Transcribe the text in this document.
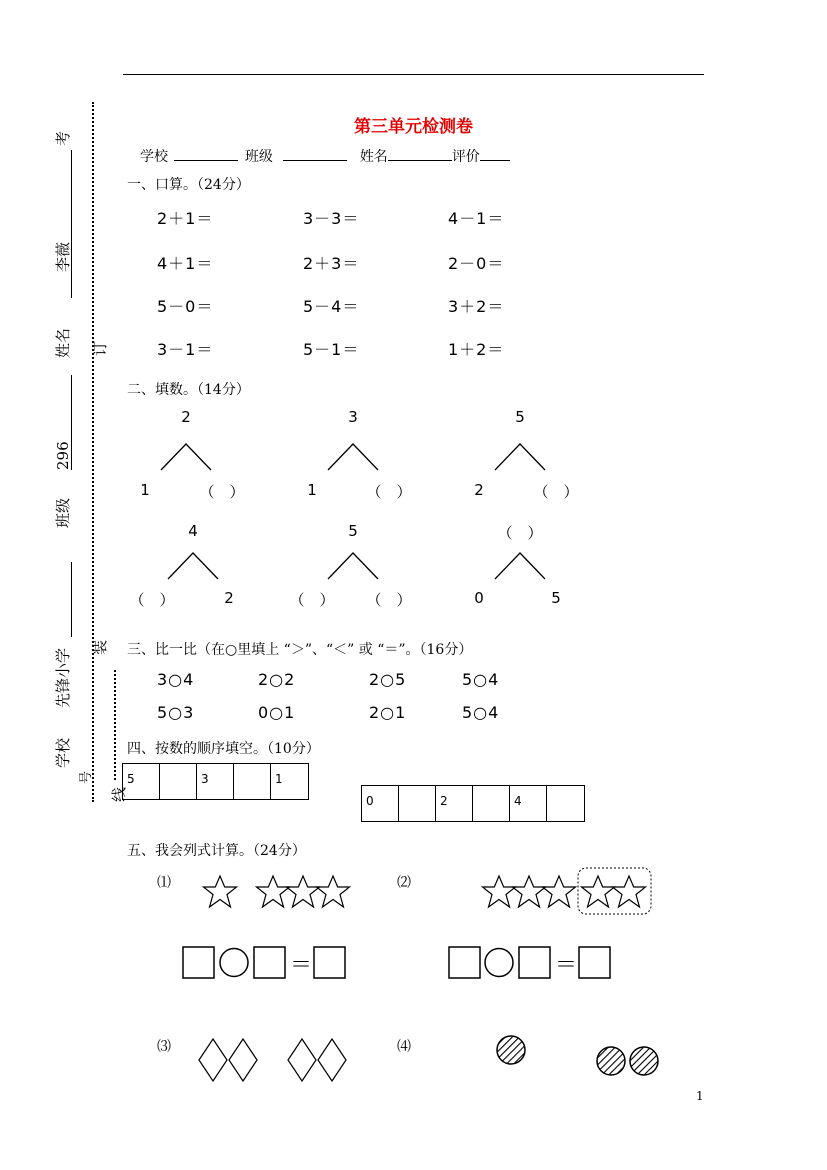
考
李薇
姓名 订
296
班级
装
先锋小学
学校
号
线
第三单元检测卷
学校	班级	姓名	评价
一、口算。（24分）
2＋1＝	3－3＝	4－1＝
4＋1＝	2＋3＝	2－0＝
5－0＝	5－4＝	3＋2＝
3－1＝	5－1＝	1＋2＝
二、填数。（14分）
2
1	（　）
3
1	（　）
5
2	（　）
4
（　）	2
5
（　）	（　）
（　）
0	5
三、比一比（在○里填上 “＞”、“＜” 或 “＝”。（16分）
3○4	2○2	2○5	5○4
5○3	0○1	2○1	5○4
四、按数的顺序填空。（10分）
5	3	1
0	2	4
五、我会列式计算。（24分）
⑴	⑵
⑶	⑷
＝	＝
1
